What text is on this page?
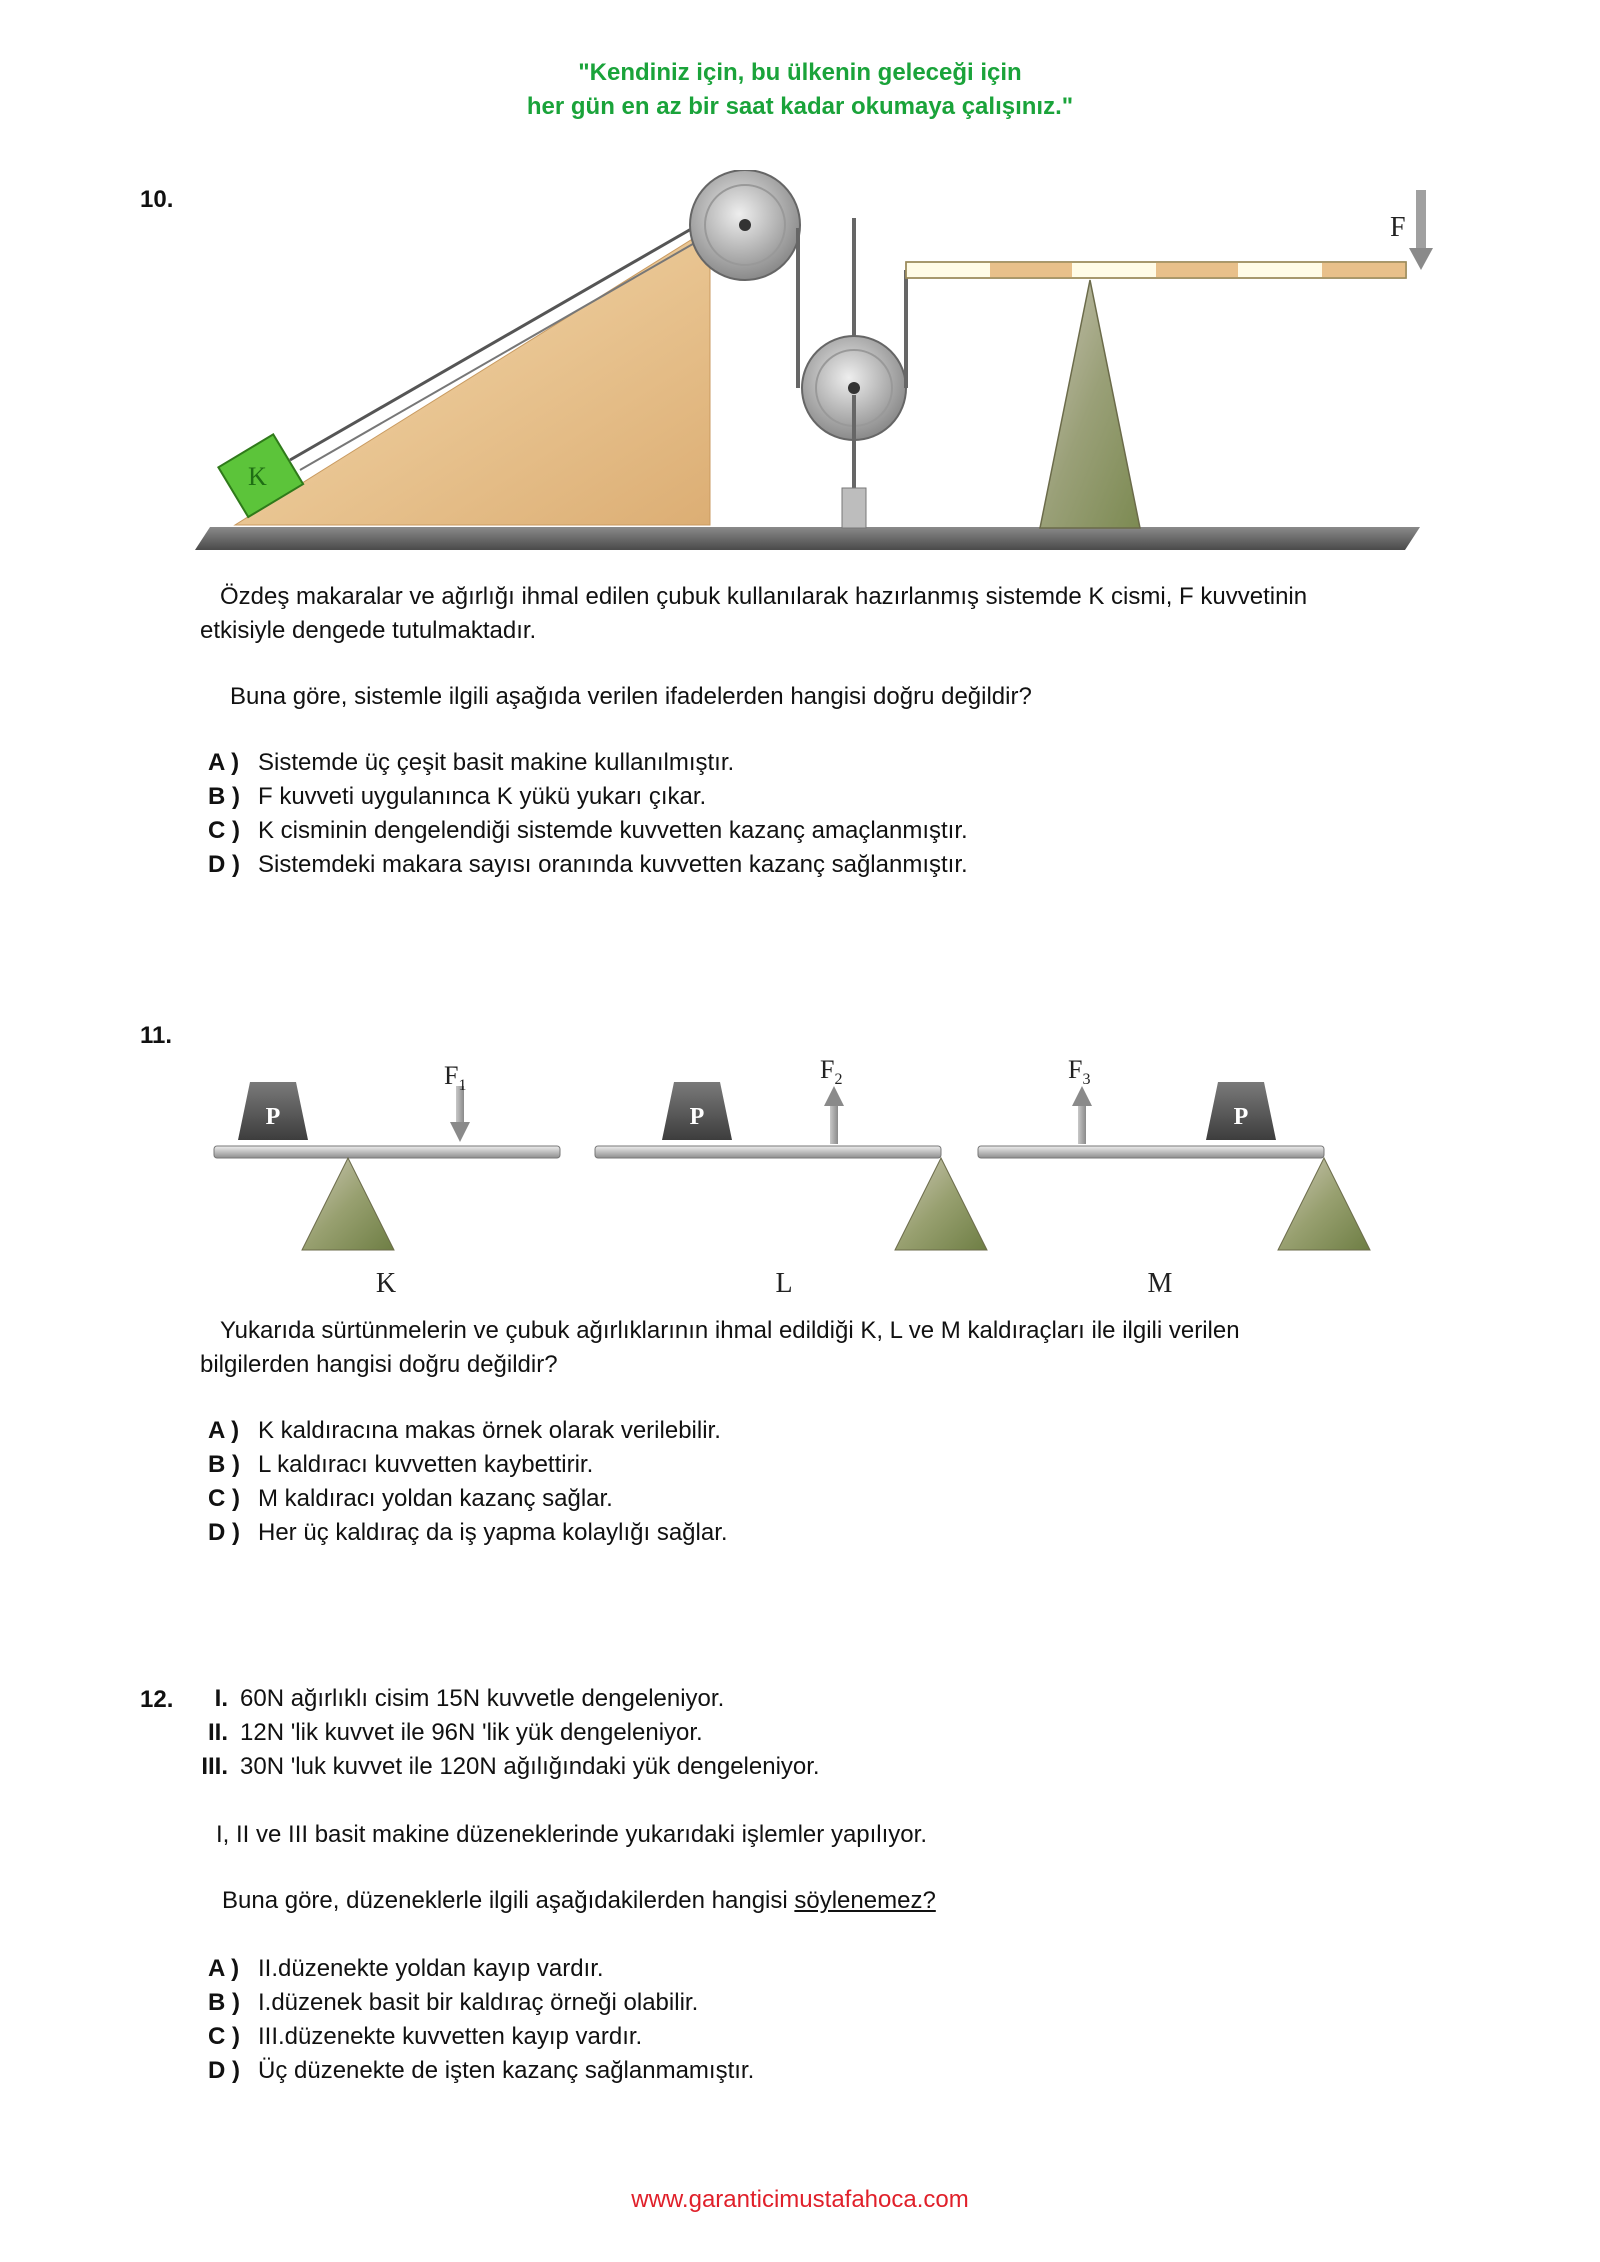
"Kendiniz için, bu ülkenin geleceği için
her gün en az bir saat kadar okumaya çalışınız."
10.
K
F
Özdeş makaralar ve ağırlığı ihmal edilen çubuk kullanılarak hazırlanmış sistemde K cismi, F kuvvetinin
etkisiyle dengede tutulmaktadır.
Buna göre, sistemle ilgili aşağıda verilen ifadelerden hangisi doğru değildir?
A ) Sistemde üç çeşit basit makine kullanılmıştır.
B ) F kuvveti uygulanınca K yükü yukarı çıkar.
C ) K cisminin dengelendiği sistemde kuvvetten kazanç amaçlanmıştır.
D ) Sistemdeki makara sayısı oranında kuvvetten kazanç sağlanmıştır.
11.
P
$F_1$
K
P
$F_2$
L
P
$F_3$
M
Yukarıda sürtünmelerin ve çubuk ağırlıklarının ihmal edildiği K, L ve M kaldıraçları ile ilgili verilen
bilgilerden hangisi doğru değildir?
A ) K kaldıracına makas örnek olarak verilebilir.
B ) L kaldıracı kuvvetten kaybettirir.
C ) M kaldıracı yoldan kazanç sağlar.
D ) Her üç kaldıraç da iş yapma kolaylığı sağlar.
12.	I. 60N ağırlıklı cisim 15N kuvvetle dengeleniyor.
II. 12N 'lik kuvvet ile 96N 'lik yük dengeleniyor.
III. 30N 'luk kuvvet ile 120N ağılığındaki yük dengeleniyor.
I, II ve III basit makine düzeneklerinde yukarıdaki işlemler yapılıyor.
Buna göre, düzeneklerle ilgili aşağıdakilerden hangisi söylenemez?
A ) II.düzenekte yoldan kayıp vardır.
B ) I.düzenek basit bir kaldıraç örneği olabilir.
C ) III.düzenekte kuvvetten kayıp vardır.
D ) Üç düzenekte de işten kazanç sağlanmamıştır.
www.garanticimustafahoca.com
